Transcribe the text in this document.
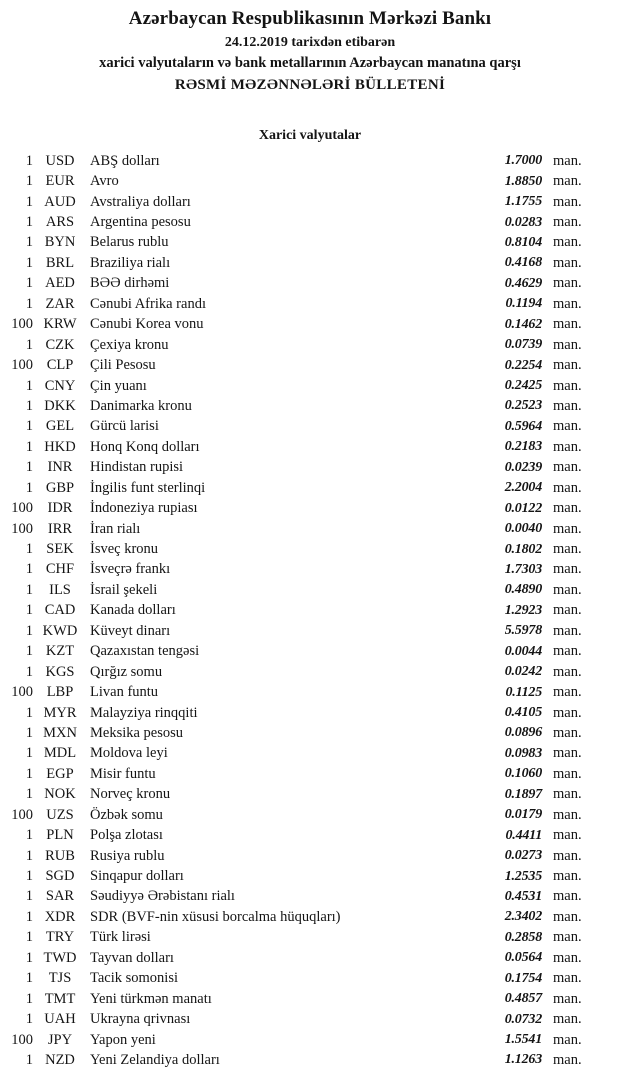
Azərbaycan Respublikasının Mərkəzi Bankı
24.12.2019 tarixdən etibarən
xarici valyutaların və bank metallarının Azərbaycan manatına qarşı
RƏSMİ MƏZƏNNƏLƏRİ BÜLLETENİ
Xarici valyutalar
1 USD	ABŞ dolları	1.7000 man.
1 EUR	Avro	1.8850 man.
1 AUD Avstraliya dolları	1.1755 man.
1 ARS	Argentina pesosu	0.0283 man.
1 BYN	Belarus rublu	0.8104 man.
1 BRL	Braziliya rialı	0.4168 man.
1 AED	BƏƏ dirhəmi	0.4629 man.
1 ZAR	Cənubi Afrika randı	0.1194 man.
100 KRW Cənubi Korea vonu	0.1462 man.
1 CZK	Çexiya kronu	0.0739 man.
100 CLP	Çili Pesosu	0.2254 man.
1 CNY	Çin yuanı	0.2425 man.
1 DKK Danimarka kronu	0.2523 man.
1 GEL	Gürcü larisi	0.5964 man.
1 HKD Honq Konq dolları	0.2183 man.
1	INR	Hindistan rupisi	0.0239 man.
1 GBP	İngilis funt sterlinqi	2.2004 man.
100	IDR	İndoneziya rupiası	0.0122 man.
100	IRR	İran rialı	0.0040 man.
1 SEK	İsveç kronu	0.1802 man.
1 CHF	İsveçrə frankı	1.7303 man.
1	ILS	İsrail şekeli	0.4890 man.
1 CAD	Kanada dolları	1.2923 man.
1 KWD Küveyt dinarı	5.5978 man.
1 KZT	Qazaxıstan tengəsi	0.0044 man.
1 KGS	Qırğız somu	0.0242 man.
100 LBP	Livan funtu	0.1125 man.
1 MYR Malayziya rinqqiti	0.4105 man.
1 MXN Meksika pesosu	0.0896 man.
1 MDL Moldova leyi	0.0983 man.
1 EGP	Misir funtu	0.1060 man.
1 NOK Norveç kronu	0.1897 man.
100 UZS	Özbək somu	0.0179 man.
1 PLN	Polşa zlotası	0.4411 man.
1 RUB	Rusiya rublu	0.0273 man.
1 SGD	Sinqapur dolları	1.2535 man.
1 SAR	Səudiyyə Ərəbistanı rialı	0.4531 man.
1 XDR	SDR (BVF-nin xüsusi borcalma hüquqları)	2.3402 man.
1 TRY	Türk lirəsi	0.2858 man.
1 TWD Tayvan dolları	0.0564 man.
1	TJS	Tacik somonisi	0.1754 man.
1 TMT	Yeni türkmən manatı	0.4857 man.
1 UAH Ukrayna qrivnası	0.0732 man.
100	JPY	Yapon yeni	1.5541 man.
1 NZD	Yeni Zelandiya dolları	1.1263 man.
